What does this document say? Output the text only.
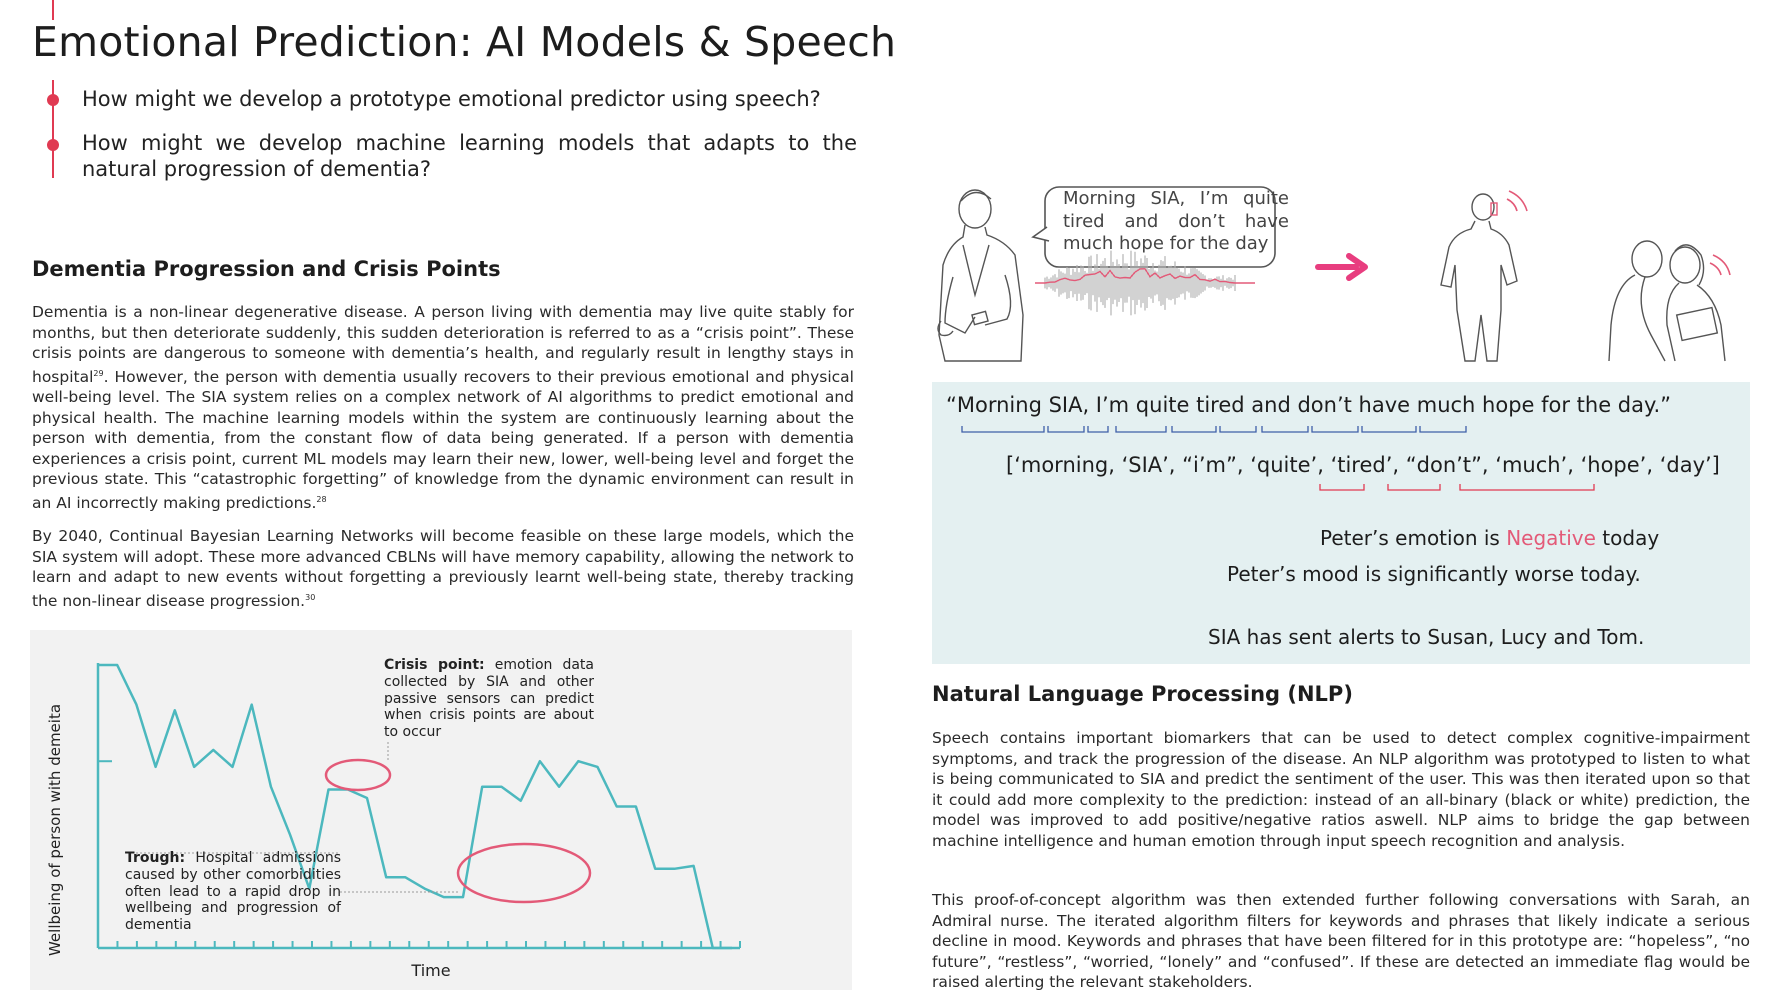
Emotional Prediction: AI Models & Speech
How might we develop a prototype emotional predictor using speech?
How might we develop machine learning models that adapts to the natural progression of dementia?
Dementia Progression and Crisis Points
Dementia is a non-linear degenerative disease. A person living with dementia may live quite stably for months, but then deteriorate suddenly, this sudden deterioration is referred to as a “crisis point”. These crisis points are dangerous to someone with dementia’s health, and regularly result in lengthy stays in hospital$^{29}$. However, the person with dementia usually recovers to their previous emotional and physical well-being level. The SIA system relies on a complex network of AI algorithms to predict emotional and physical health. The machine learning models within the system are continuously learning about the person with dementia, from the constant flow of data being generated. If a person with dementia experiences a crisis point, current ML models may learn their new, lower, well-being level and forget the previous state. This “catastrophic forgetting” of knowledge from the dynamic environment can result in an AI incorrectly making predictions.$^{28}$
By 2040, Continual Bayesian Learning Networks will become feasible on these large models, which the SIA system will adopt. These more advanced CBLNs will have memory capability, allowing the network to learn and adapt to new events without forgetting a previously learnt well-being state, thereby tracking the non-linear disease progression.$^{30}$
Wellbeing of person with demeita
Time
Crisis point: emotion data collected by SIA and other passive sensors can predict when crisis points are about to occur
Trough: Hospital admissions caused by other comorbidities often lead to a rapid drop in wellbeing and progression of dementia
Morning SIA, I’m quite tired and don’t have much hope for the day
“Morning SIA, I’m quite tired and don’t have much hope for the day.”
[‘morning, ‘SIA’, “i’m”, ‘quite’, ‘tired’, “don’t”, ‘much’, ‘hope’, ‘day’]
Peter’s emotion is Negative today
Peter’s mood is significantly worse today.
SIA has sent alerts to Susan, Lucy and Tom.
Natural Language Processing (NLP)
Speech contains important biomarkers that can be used to detect complex cognitive-impairment symptoms, and track the progression of the disease. An NLP algorithm was prototyped to listen to what is being communicated to SIA and predict the sentiment of the user. This was then iterated upon so that it could add more complexity to the prediction: instead of an all-binary (black or white) prediction, the model was improved to add positive/negative ratios aswell. NLP aims to bridge the gap between machine intelligence and human emotion through input speech recognition and analysis.
This proof-of-concept algorithm was then extended further following conversations with Sarah, an Admiral nurse. The iterated algorithm filters for keywords and phrases that likely indicate a serious decline in mood. Keywords and phrases that have been filtered for in this prototype are: “hopeless”, “no future”, “restless”, “worried, “lonely” and “confused”. If these are detected an immediate flag would be raised alerting the relevant stakeholders.
